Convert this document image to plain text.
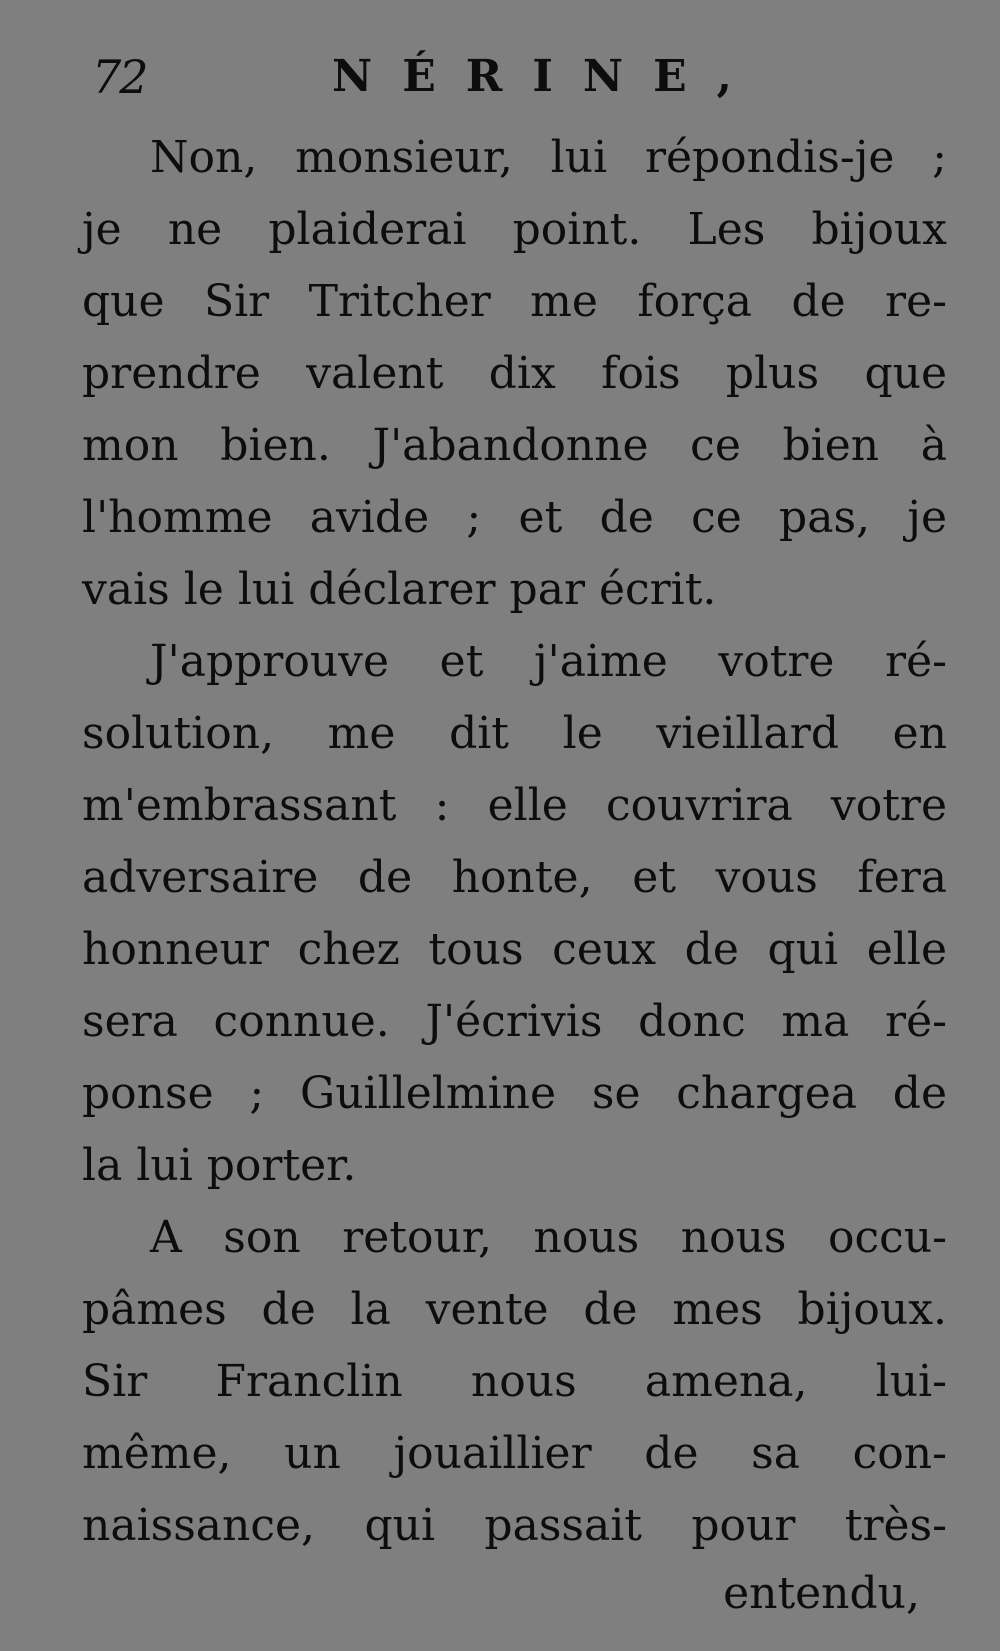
72	NÉRINE,
Non, monsieur, lui répondis-je ;
je ne plaiderai point. Les bijoux
que Sir Tritcher me força de re-
prendre valent dix fois plus que
mon bien. J'abandonne ce bien à
l'homme avide ; et de ce pas, je
vais le lui déclarer par écrit.
J'approuve et j'aime votre ré-
solution, me dit le vieillard en
m'embrassant : elle couvrira votre
adversaire de honte, et vous fera
honneur chez tous ceux de qui elle
sera connue. J'écrivis donc ma ré-
ponse ; Guillelmine se chargea de
la lui porter.
A son retour, nous nous occu-
pâmes de la vente de mes bijoux.
Sir Franclin nous amena, lui-
même, un jouaillier de sa con-
naissance, qui passait pour très-
entendu,
